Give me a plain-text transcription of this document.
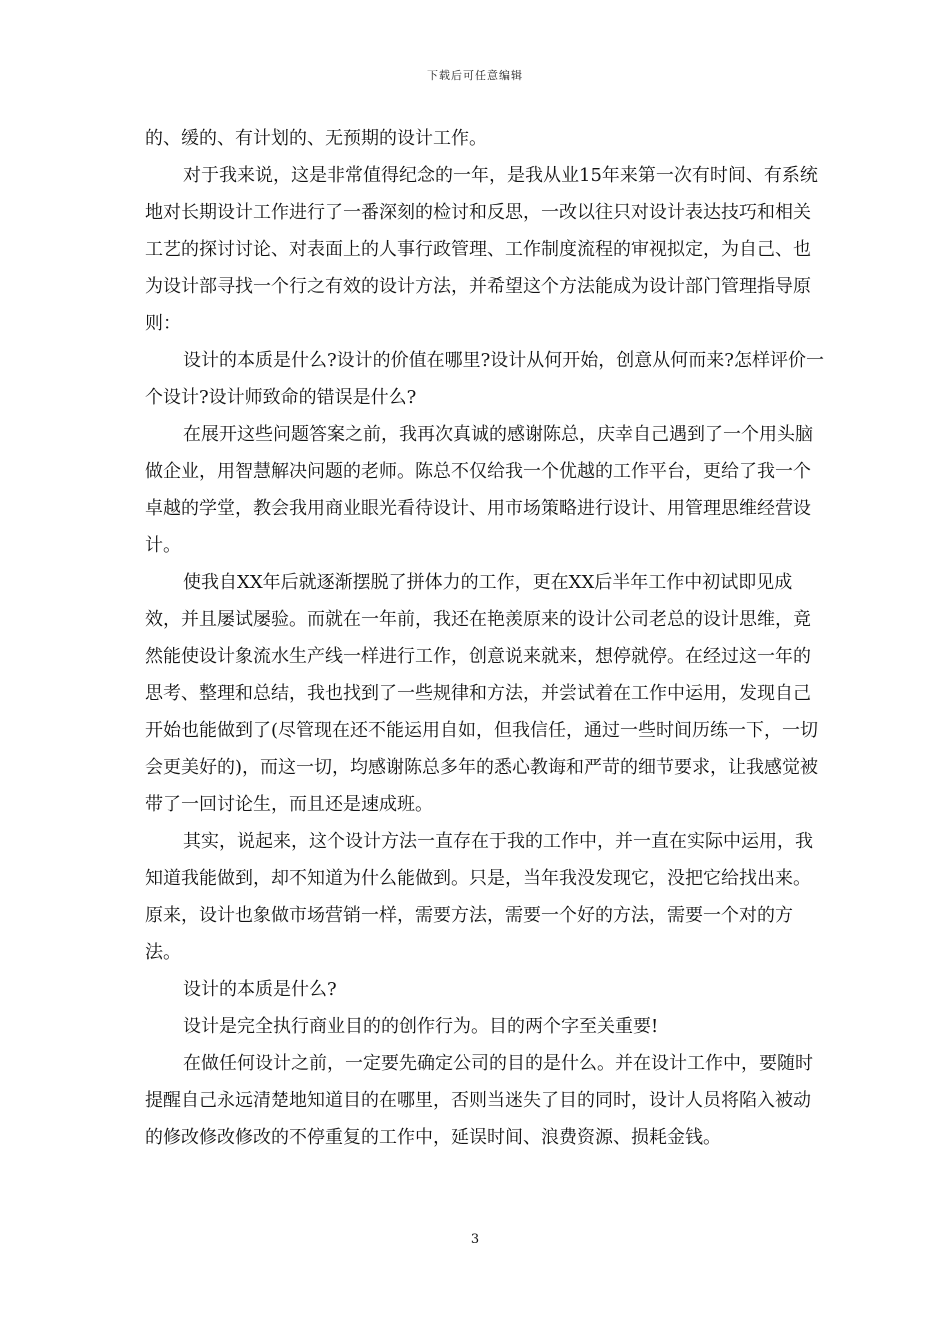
下载后可任意编辑

的、缓的、有计划的、无预期的设计工作。

对于我来说，这是非常值得纪念的一年，是我从业15年来第一次有时间、有系统地对长期设计工作进行了一番深刻的检讨和反思，一改以往只对设计表达技巧和相关工艺的探讨讨论、对表面上的人事行政管理、工作制度流程的审视拟定，为自己、也为设计部寻找一个行之有效的设计方法，并希望这个方法能成为设计部门管理指导原则：

设计的本质是什么?设计的价值在哪里?设计从何开始，创意从何而来?怎样评价一个设计?设计师致命的错误是什么?

在展开这些问题答案之前，我再次真诚的感谢陈总，庆幸自己遇到了一个用头脑做企业，用智慧解决问题的老师。陈总不仅给我一个优越的工作平台，更给了我一个卓越的学堂，教会我用商业眼光看待设计、用市场策略进行设计、用管理思维经营设计。

使我自XX年后就逐渐摆脱了拼体力的工作，更在XX后半年工作中初试即见成效，并且屡试屡验。而就在一年前，我还在艳羡原来的设计公司老总的设计思维，竟然能使设计象流水生产线一样进行工作，创意说来就来，想停就停。在经过这一年的思考、整理和总结，我也找到了一些规律和方法，并尝试着在工作中运用，发现自己开始也能做到了(尽管现在还不能运用自如，但我信任，通过一些时间历练一下，一切会更美好的)，而这一切，均感谢陈总多年的悉心教诲和严苛的细节要求，让我感觉被带了一回讨论生，而且还是速成班。

其实，说起来，这个设计方法一直存在于我的工作中，并一直在实际中运用，我知道我能做到，却不知道为什么能做到。只是，当年我没发现它，没把它给找出来。原来，设计也象做市场营销一样，需要方法，需要一个好的方法，需要一个对的方法。

设计的本质是什么?

设计是完全执行商业目的的创作行为。目的两个字至关重要!

在做任何设计之前，一定要先确定公司的目的是什么。并在设计工作中，要随时提醒自己永远清楚地知道目的在哪里，否则当迷失了目的同时，设计人员将陷入被动的修改修改修改的不停重复的工作中，延误时间、浪费资源、损耗金钱。

3
